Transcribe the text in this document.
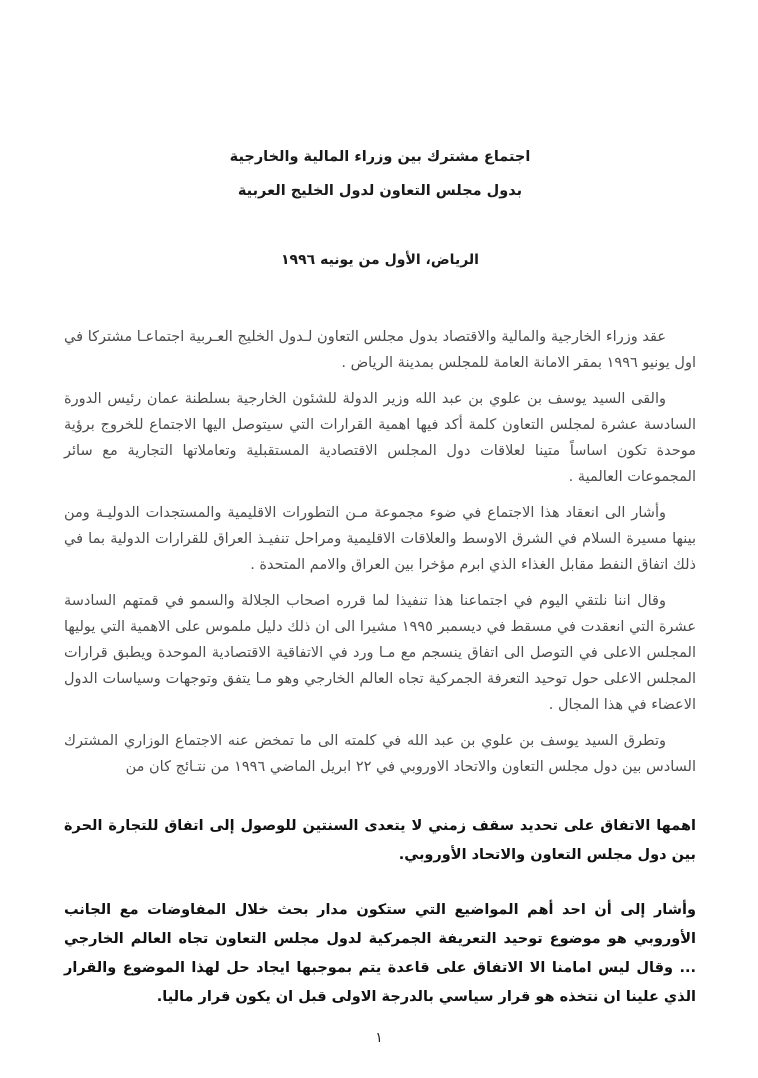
اجتماع مشترك بين وزراء المالية والخارجية
بدول مجلس التعاون لدول الخليج العربية
الرياض، الأول من يونيه ١٩٩٦

عقد وزراء الخارجية والمالية والاقتصاد بدول مجلس التعاون لـدول الخليج العـربية اجتماعـا مشتركا في اول يونيو ١٩٩٦ بمقر الامانة العامة للمجلس بمدينة الرياض .

والقى السيد يوسف بن علوي بن عبد الله وزير الدولة للشئون الخارجية بسلطنة عمان رئيس الدورة السادسة عشرة لمجلس التعاون كلمة أكد فيها اهمية القرارات التي سيتوصل اليها الاجتماع للخروج برؤية موحدة تكون اساساً متينا لعلاقات دول المجلس الاقتصادية المستقبلية وتعاملاتها التجارية مع سائر المجموعات العالمية .

وأشار الى انعقاد هذا الاجتماع في ضوء مجموعة مـن التطورات الاقليمية والمستجدات الدوليـة ومن بينها مسيرة السلام في الشرق الاوسط والعلاقات الاقليمية ومراحل تنفيـذ العراق للقرارات الدولية بما في ذلك اتفاق النفط مقابل الغذاء الذي ابرم مؤخرا بين العراق والامم المتحدة .

وقال اننا نلتقي اليوم في اجتماعنا هذا تنفيذا لما قرره اصحاب الجلالة والسمو في قمتهم السادسة عشرة التي انعقدت في مسقط في ديسمبر ١٩٩٥ مشيرا الى ان ذلك دليل ملموس على الاهمية التي يوليها المجلس الاعلى في التوصل الى اتفاق ينسجم مع مـا ورد في الاتفاقية الاقتصادية الموحدة ويطبق قرارات المجلس الاعلى حول توحيد التعرفة الجمركية تجاه العالم الخارجي وهو مـا يتفق وتوجهات وسياسات الدول الاعضاء في هذا المجال .

وتطرق السيد يوسف بن علوي بن عبد الله في كلمته الى ما تمخض عنه الاجتماع الوزاري المشترك السادس بين دول مجلس التعاون والاتحاد الاوروبي في ٢٢ ابريل الماضي ١٩٩٦ من نتـائج كان من

اهمها الاتفاق على تحديد سقف زمني لا يتعدى السنتين للوصول إلى اتفاق للتجارة الحرة بين دول مجلس التعاون والاتحاد الأوروبي.

وأشار إلى أن احد أهم المواضيع التي ستكون مدار بحث خلال المفاوضات مع الجانب الأوروبي هو موضوع توحيد التعريفة الجمركية لدول مجلس التعاون تجاه العالم الخارجي ... وقال ليس امامنا الا الاتفاق على قاعدة يتم بموجبها ايجاد حل لهذا الموضوع والقرار الذي علينا ان نتخذه هو قرار سياسي بالدرجة الاولى قبل ان يكون قرار ماليا.

١
